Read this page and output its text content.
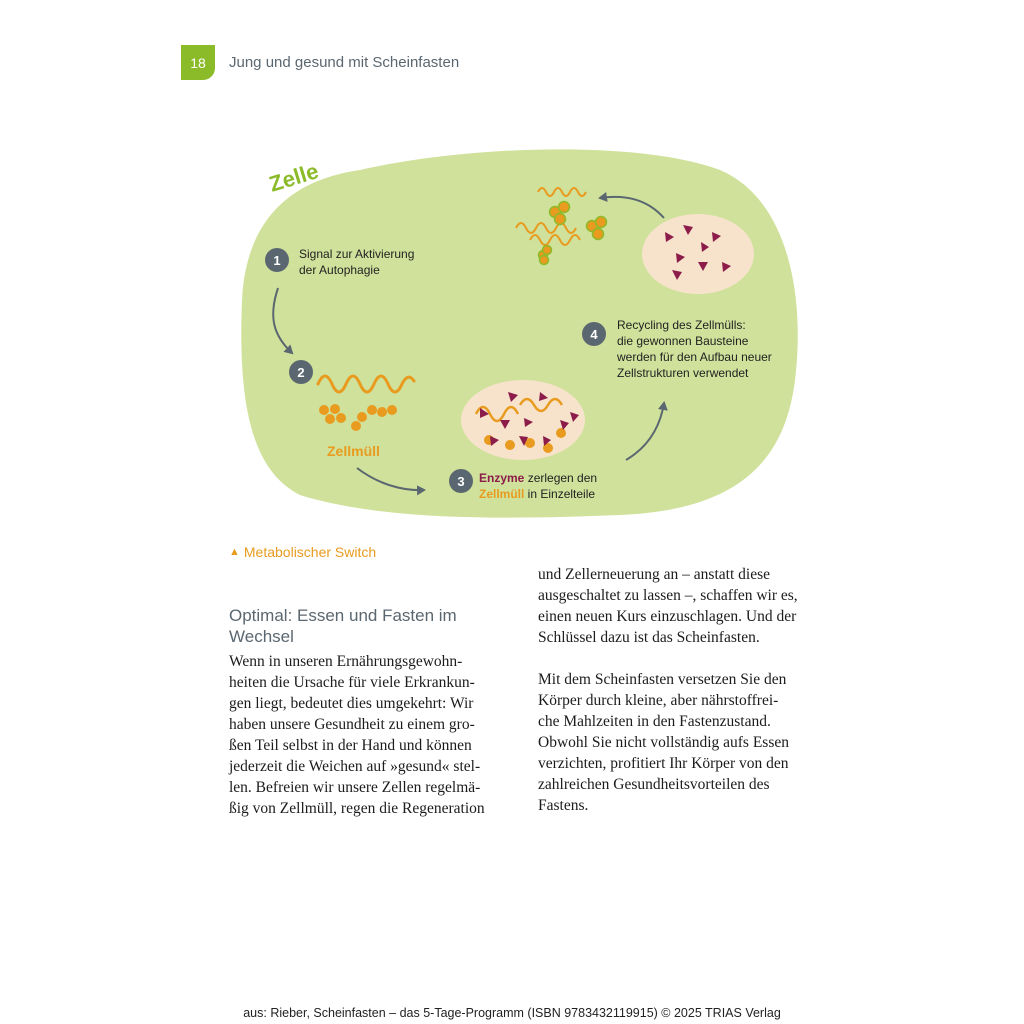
18	Jung und gesund mit Scheinfasten
Zelle
1 Signal zur Aktivierung der Autophagie
2
Zellmüll
3 Enzyme zerlegen den
Zellmüll in Einzelteile
4
Recycling des Zellmülls: die gewonnen Bausteine werden für den Aufbau neuer Zellstrukturen verwendet
▲ Metabolischer Switch
Optimal: Essen und Fasten im
Wechsel

Wenn in unseren Ernährungsgewohn-
heiten die Ursache für viele Erkrankun-
gen liegt, bedeutet dies umgekehrt: Wir
haben unsere Gesundheit zu einem gro-
ßen Teil selbst in der Hand und können
jederzeit die Weichen auf »gesund« stel-
len. Befreien wir unsere Zellen regelmä-
ßig von Zellmüll, regen die Regeneration

und Zellerneuerung an – anstatt diese
ausgeschaltet zu lassen –, schaffen wir es,
einen neuen Kurs einzuschlagen. Und der
Schlüssel dazu ist das Scheinfasten.

Mit dem Scheinfasten versetzen Sie den
Körper durch kleine, aber nährstoffrei-
che Mahlzeiten in den Fastenzustand.
Obwohl Sie nicht vollständig aufs Essen
verzichten, profitiert Ihr Körper von den
zahlreichen Gesundheitsvorteilen des
Fastens.

aus: Rieber, Scheinfasten – das 5-Tage-Programm (ISBN 9783432119915) © 2025 TRIAS Verlag
